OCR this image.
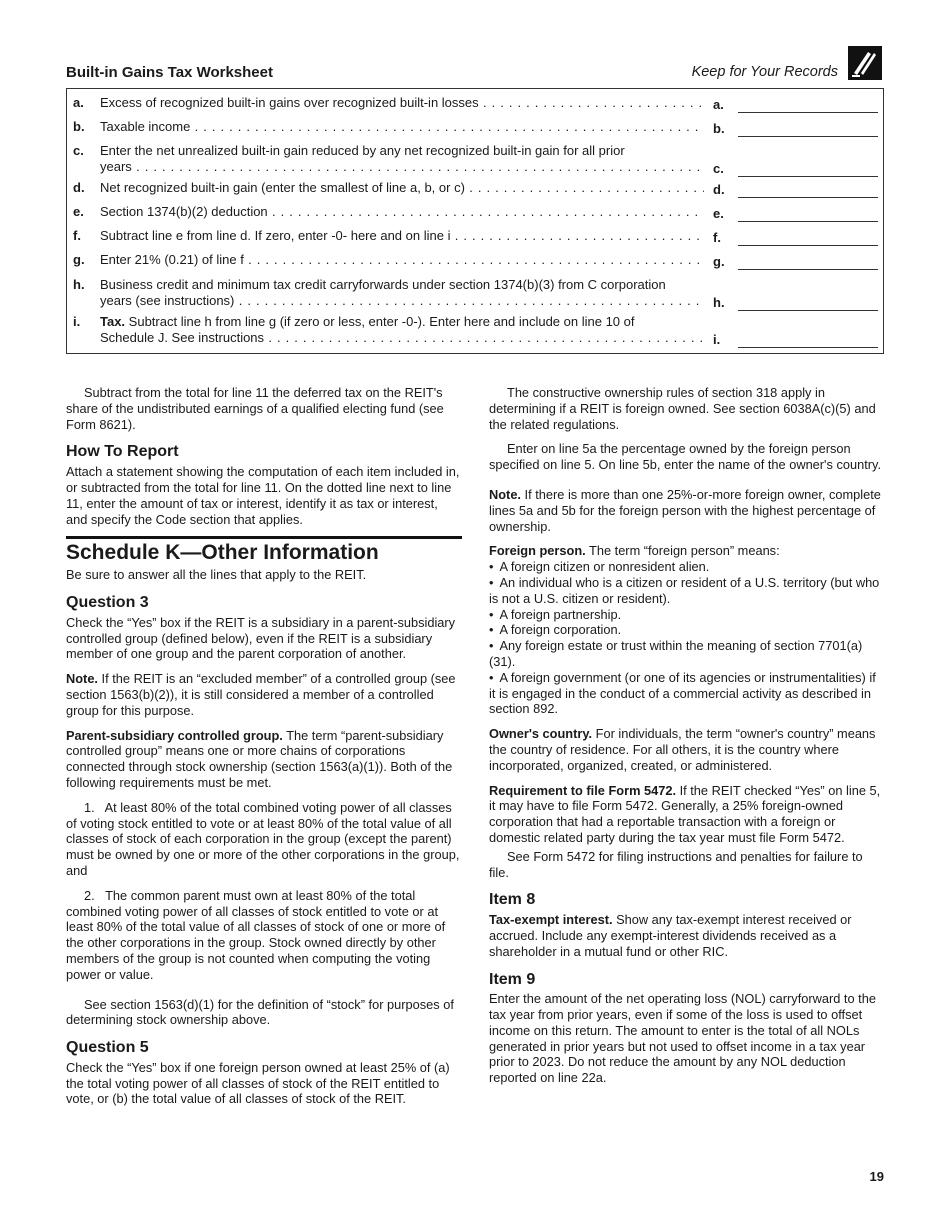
Built-in Gains Tax Worksheet	Keep for Your Records
a. Excess of recognized built-in gains over recognized built-in losses . . .	a.
b. Taxable income . . .	b.
c. Enter the net unrealized built-in gain reduced by any net recognized built-in gain for all prior
years . . .	c.
d. Net recognized built-in gain (enter the smallest of line a, b, or c) . . .	d.
e. Section 1374(b)(2) deduction . . .	e.
f. Subtract line e from line d. If zero, enter -0- here and on line i . . .	f.
g. Enter 21% (0.21) of line f . . .	g.
h. Business credit and minimum tax credit carryforwards under section 1374(b)(3) from C corporation
years (see instructions) . . .	h.
i. Tax. Subtract line h from line g (if zero or less, enter -0-). Enter here and include on line 10 of
Schedule J. See instructions . . .	i.

Subtract from the total for line 11 the deferred tax on the REIT's share of the undistributed earnings of a qualified electing fund (see Form 8621).

How To Report

Attach a statement showing the computation of each item included in, or subtracted from the total for line 11. On the dotted line next to line 11, enter the amount of tax or interest, identify it as tax or interest, and specify the Code section that applies.

Schedule K—Other Information

Be sure to answer all the lines that apply to the REIT.

Question 3

Check the “Yes” box if the REIT is a subsidiary in a parent-subsidiary controlled group (defined below), even if the REIT is a subsidiary member of one group and the parent corporation of another.

Note. If the REIT is an “excluded member” of a controlled group (see section 1563(b)(2)), it is still considered a member of a controlled group for this purpose.

Parent-subsidiary controlled group. The term “parent-subsidiary controlled group” means one or more chains of corporations connected through stock ownership (section 1563(a)(1)). Both of the following requirements must be met.

1.   At least 80% of the total combined voting power of all classes of voting stock entitled to vote or at least 80% of the total value of all classes of stock of each corporation in the group (except the parent) must be owned by one or more of the other corporations in the group, and

2.   The common parent must own at least 80% of the total combined voting power of all classes of stock entitled to vote or at least 80% of the total value of all classes of stock of one or more of the other corporations in the group. Stock owned directly by other members of the group is not counted when computing the voting power or value.

See section 1563(d)(1) for the definition of “stock” for purposes of determining stock ownership above.

Question 5

Check the “Yes” box if one foreign person owned at least 25% of (a) the total voting power of all classes of stock of the REIT entitled to vote, or (b) the total value of all classes of stock of the REIT.

The constructive ownership rules of section 318 apply in determining if a REIT is foreign owned. See section 6038A(c)(5) and the related regulations.

Enter on line 5a the percentage owned by the foreign person specified on line 5. On line 5b, enter the name of the owner's country.

Note. If there is more than one 25%-or-more foreign owner, complete lines 5a and 5b for the foreign person with the highest percentage of ownership.

Foreign person. The term “foreign person” means:

• A foreign citizen or nonresident alien.
• An individual who is a citizen or resident of a U.S. territory (but who is not a U.S. citizen or resident).
• A foreign partnership.
• A foreign corporation.
• Any foreign estate or trust within the meaning of section 7701(a)(31).
• A foreign government (or one of its agencies or instrumentalities) if it is engaged in the conduct of a commercial activity as described in section 892.

Owner's country. For individuals, the term “owner's country” means the country of residence. For all others, it is the country where incorporated, organized, created, or administered.

Requirement to file Form 5472. If the REIT checked “Yes” on line 5, it may have to file Form 5472. Generally, a 25% foreign-owned corporation that had a reportable transaction with a foreign or domestic related party during the tax year must file Form 5472.

See Form 5472 for filing instructions and penalties for failure to file.

Item 8

Tax-exempt interest. Show any tax-exempt interest received or accrued. Include any exempt-interest dividends received as a shareholder in a mutual fund or other RIC.

Item 9

Enter the amount of the net operating loss (NOL) carryforward to the tax year from prior years, even if some of the loss is used to offset income on this return. The amount to enter is the total of all NOLs generated in prior years but not used to offset income in a tax year prior to 2023. Do not reduce the amount by any NOL deduction reported on line 22a.

19
